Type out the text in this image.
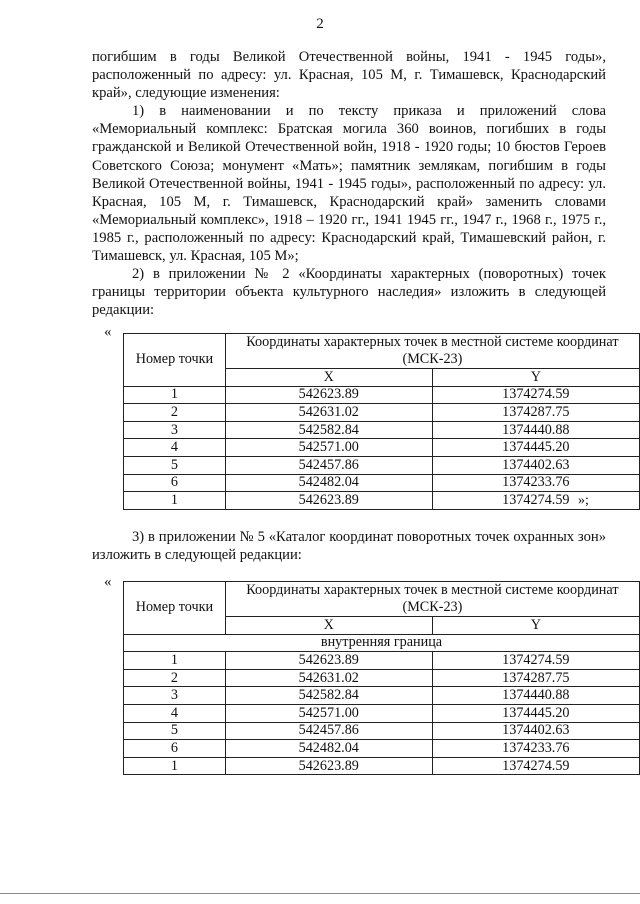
2

погибшим в годы Великой Отечественной войны, 1941 - 1945 годы», расположенный по адресу: ул. Красная, 105 М, г. Тимашевск, Краснодарский край», следующие изменения:

1) в наименовании и по тексту приказа и приложений слова «Мемориальный комплекс: Братская могила 360 воинов, погибших в годы гражданской и Великой Отечественной войн, 1918 - 1920 годы; 10 бюстов Героев Советского Союза; монумент «Мать»; памятник землякам, погибшим в годы Великой Отечественной войны, 1941 - 1945 годы», расположенный по адресу: ул. Красная, 105 М, г. Тимашевск, Краснодарский край» заменить словами «Мемориальный комплекс», 1918 – 1920 гг., 1941 1945 гг., 1947 г., 1968 г., 1975 г., 1985 г., расположенный по адресу: Краснодарский край, Тимашевский район, г. Тимашевск, ул. Красная, 105 М»;

2) в приложении № 2 «Координаты характерных (поворотных) точек границы территории объекта культурного наследия» изложить в следующей редакции:

«
Номер точки	Координаты характерных точек в местной системе координат (МСК-23)	
	X	Y
1	542623.89	1374274.59
2	542631.02	1374287.75
3	542582.84	1374440.88
4	542571.00	1374445.20
5	542457.86	1374402.63
6	542482.04	1374233.76
1	542623.89	1374274.59 »;

3) в приложении № 5 «Каталог координат поворотных точек охранных зон» изложить в следующей редакции:

«
Номер точки	Координаты характерных точек в местной системе координат (МСК-23)	
	X	Y
внутренняя граница		
1	542623.89	1374274.59
2	542631.02	1374287.75
3	542582.84	1374440.88
4	542571.00	1374445.20
5	542457.86	1374402.63
6	542482.04	1374233.76
1	542623.89	1374274.59
